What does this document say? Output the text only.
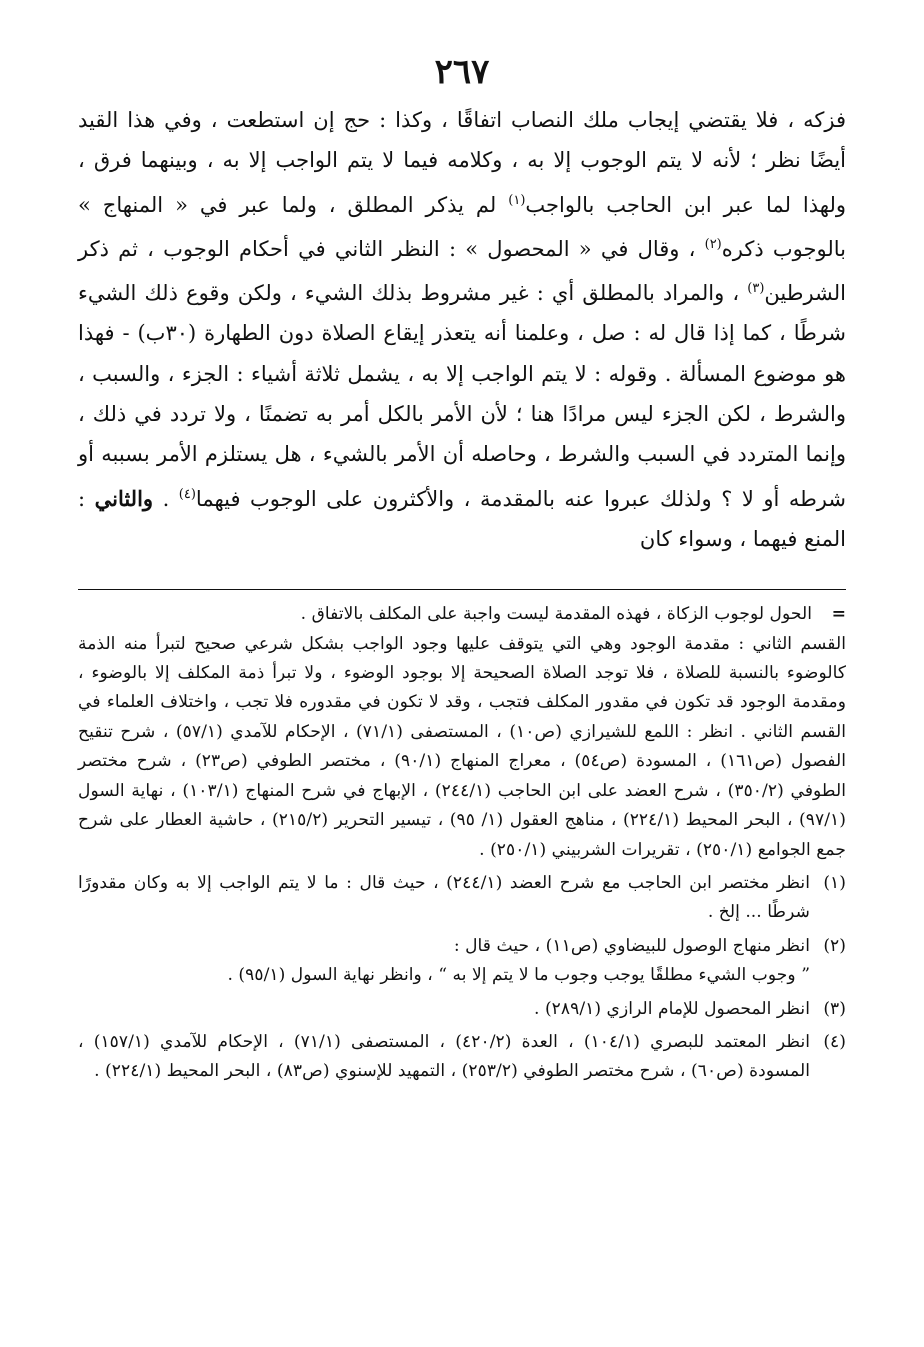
٢٦٧

فزكه ، فلا يقتضي إيجاب ملك النصاب اتفاقًا ، وكذا : حج إن استطعت ، وفي هذا القيد أيضًا نظر ؛ لأنه لا يتم الوجوب إلا به ، وكلامه فيما لا يتم الواجب إلا به ، وبينهما فرق ، ولهذا لما عبر ابن الحاجب بالواجب$^{(١)}$ لم يذكر المطلق ، ولما عبر في « المنهاج » بالوجوب ذكره$^{(٢)}$ ، وقال في « المحصول » : النظر الثاني في أحكام الوجوب ، ثم ذكر الشرطين$^{(٣)}$ ، والمراد بالمطلق أي : غير مشروط بذلك الشيء ، ولكن وقوع ذلك الشيء شرطًا ، كما إذا قال له : صل ، وعلمنا أنه يتعذر إيقاع الصلاة دون الطهارة (٣٠ب) - فهذا هو موضوع المسألة . وقوله : لا يتم الواجب إلا به ، يشمل ثلاثة أشياء : الجزء ، والسبب ، والشرط ، لكن الجزء ليس مرادًا هنا ؛ لأن الأمر بالكل أمر به تضمنًا ، ولا تردد في ذلك ، وإنما المتردد في السبب والشرط ، وحاصله أن الأمر بالشيء ، هل يستلزم الأمر بسببه أو شرطه أو لا ؟ ولذلك عبروا عنه بالمقدمة ، والأكثرون على الوجوب فيهما$^{(٤)}$ . والثاني : المنع فيهما ، وسواء كان

=
الحول لوجوب الزكاة ، فهذه المقدمة ليست واجبة على المكلف بالاتفاق .

القسم الثاني : مقدمة الوجود وهي التي يتوقف عليها وجود الواجب بشكل شرعي صحيح لتبرأ منه الذمة كالوضوء بالنسبة للصلاة ، فلا توجد الصلاة الصحيحة إلا بوجود الوضوء ، ولا تبرأ ذمة المكلف إلا بالوضوء ، ومقدمة الوجود قد تكون في مقدور المكلف فتجب ، وقد لا تكون في مقدوره فلا تجب ، واختلاف العلماء في القسم الثاني . انظر : اللمع للشيرازي (ص١٠) ، المستصفى (٧١/١) ، الإحكام للآمدي (٥٧/١) ، شرح تنقيح الفصول (ص١٦١) ، المسودة (ص٥٤) ، معراج المنهاج (٩٠/١) ، مختصر الطوفي (ص٢٣) ، شرح مختصر الطوفي (٣٥٠/٢) ، شرح العضد على ابن الحاجب (٢٤٤/١) ، الإبهاج في شرح المنهاج (١٠٣/١) ، نهاية السول (٩٧/١) ، البحر المحيط (٢٢٤/١) ، مناهج العقول (١/ ٩٥) ، تيسير التحرير (٢١٥/٢) ، حاشية العطار على شرح جمع الجوامع (٢٥٠/١) ، تقريرات الشربيني (٢٥٠/١) .

(١)

انظر مختصر ابن الحاجب مع شرح العضد (٢٤٤/١) ، حيث قال : ما لا يتم الواجب إلا به وكان مقدورًا شرطًا ... إلخ .

(٢)

انظر منهاج الوصول للبيضاوي (ص١١) ، حيث قال :

” وجوب الشيء مطلقًا يوجب وجوب ما لا يتم إلا به “ ، وانظر نهاية السول (٩٥/١) .

(٣)

انظر المحصول للإمام الرازي (٢٨٩/١) .

(٤)

انظر المعتمد للبصري (١٠٤/١) ، العدة (٤٢٠/٢) ، المستصفى (٧١/١) ، الإحكام للآمدي (١٥٧/١) ، المسودة (ص٦٠) ، شرح مختصر الطوفي (٢٥٣/٢) ، التمهيد للإسنوي (ص٨٣) ، البحر المحيط (٢٢٤/١) .
